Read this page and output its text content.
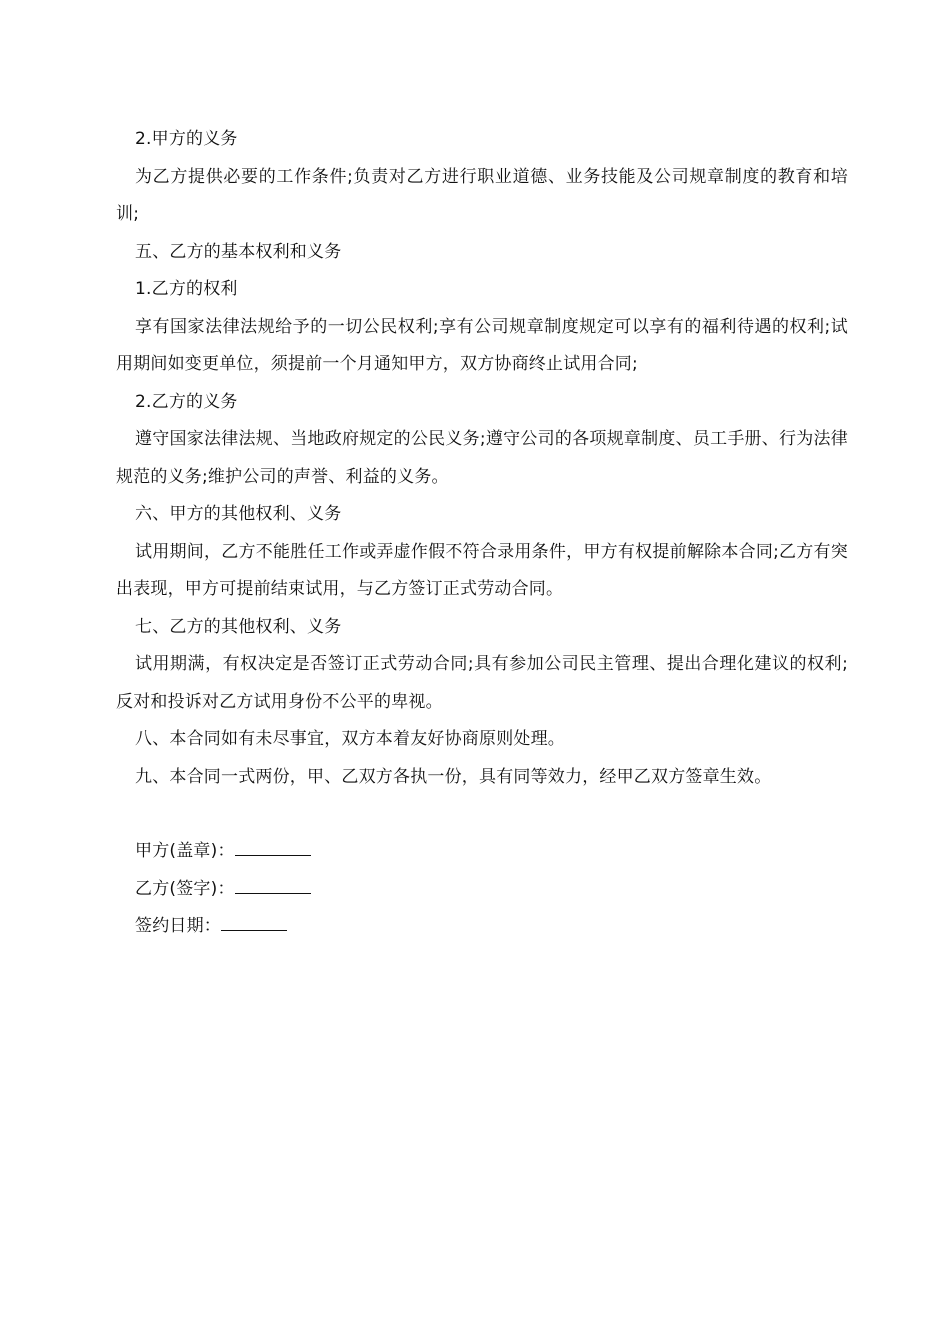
2.甲方的义务

为乙方提供必要的工作条件;负责对乙方进行职业道德、业务技能及公司规章制度的教育和培训;

五、乙方的基本权利和义务

1.乙方的权利

享有国家法律法规给予的一切公民权利;享有公司规章制度规定可以享有的福利待遇的权利;试用期间如变更单位，须提前一个月通知甲方，双方协商终止试用合同;

2.乙方的义务

遵守国家法律法规、当地政府规定的公民义务;遵守公司的各项规章制度、员工手册、行为法律规范的义务;维护公司的声誉、利益的义务。

六、甲方的其他权利、义务

试用期间，乙方不能胜任工作或弄虚作假不符合录用条件，甲方有权提前解除本合同;乙方有突出表现，甲方可提前结束试用，与乙方签订正式劳动合同。

七、乙方的其他权利、义务

试用期满，有权决定是否签订正式劳动合同;具有参加公司民主管理、提出合理化建议的权利;反对和投诉对乙方试用身份不公平的卑视。

八、本合同如有未尽事宜，双方本着友好协商原则处理。

九、本合同一式两份，甲、乙双方各执一份，具有同等效力，经甲乙双方签章生效。

甲方(盖章)：
乙方(签字)：
签约日期：
